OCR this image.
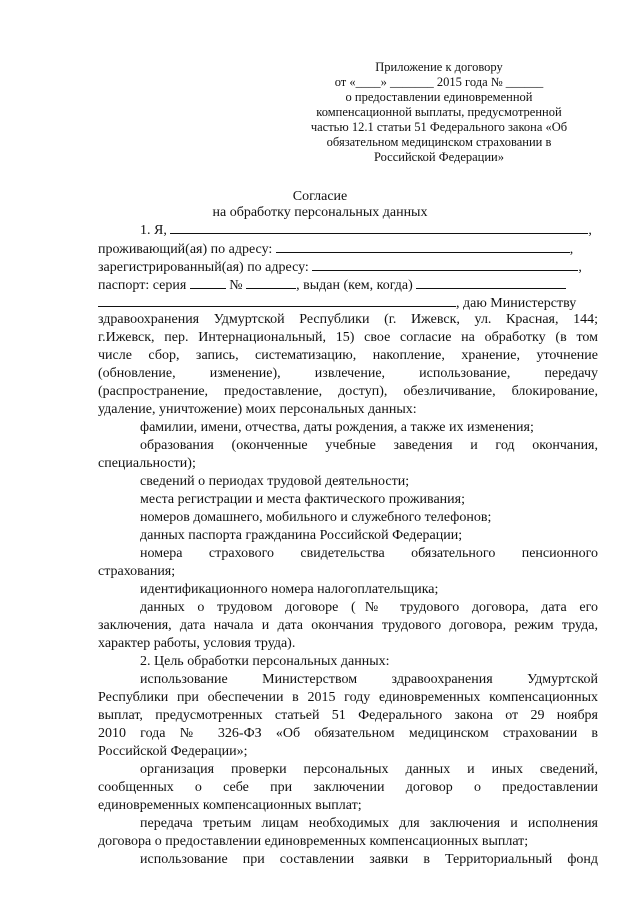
Приложение к договору
от «____» _______ 2015 года № ______
о предоставлении единовременной
компенсационной выплаты, предусмотренной
частью 12.1 статьи 51 Федерального закона «Об
обязательном медицинском страховании в
Российской Федерации»
Согласие
на обработку персональных данных
1. Я,	,
проживающий(ая) по адресу:	,
зарегистрированный(ая) по адресу:	,
паспорт: серия	№	, выдан (кем, когда)
, даю Министерству
здравоохранения Удмуртской Республики (г. Ижевск, ул. Красная, 144;
г.Ижевск, пер. Интернациональный, 15) свое согласие на обработку (в том
числе сбор, запись, систематизацию, накопление, хранение, уточнение
(обновление, изменение), извлечение, использование, передачу
(распространение, предоставление, доступ), обезличивание, блокирование,
удаление, уничтожение) моих персональных данных:
фамилии, имени, отчества, даты рождения, а также их изменения;
образования (оконченные учебные заведения и год окончания,
специальности);
сведений о периодах трудовой деятельности;
места регистрации и места фактического проживания;
номеров домашнего, мобильного и служебного телефонов;
данных паспорта гражданина Российской Федерации;
номера страхового свидетельства обязательного пенсионного
страхования;
идентификационного номера налогоплательщика;
данных о трудовом договоре (№ трудового договора, дата его
заключения, дата начала и дата окончания трудового договора, режим труда,
характер работы, условия труда).
2. Цель обработки персональных данных:
использование Министерством здравоохранения Удмуртской
Республики при обеспечении в 2015 году единовременных компенсационных
выплат, предусмотренных статьей 51 Федерального закона от 29 ноября
2010 года № 326-ФЗ «Об обязательном медицинском страховании в
Российской Федерации»;
организация проверки персональных данных и иных сведений,
сообщенных о себе при заключении договор о предоставлении
единовременных компенсационных выплат;
передача третьим лицам необходимых для заключения и исполнения
договора о предоставлении единовременных компенсационных выплат;
использование при составлении заявки в Территориальный фонд
